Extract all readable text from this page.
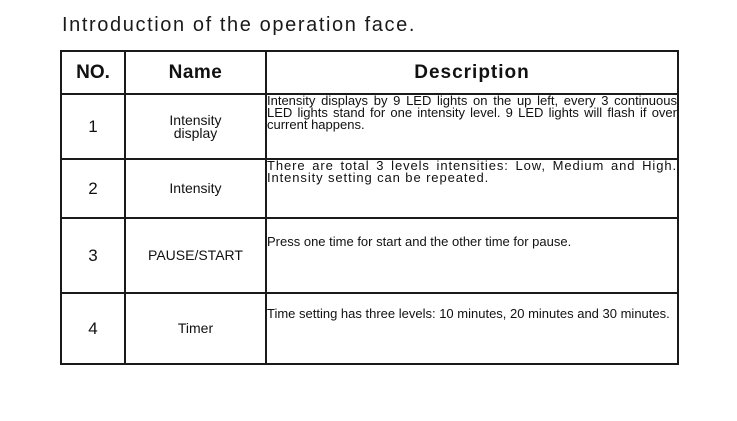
Introduction of the operation face.
NO.	Name	Description
1	Intensity display	Intensity displays by 9 LED lights on the up left, every 3 continuous LED lights stand for one intensity level. 9 LED lights will flash if over current happens.
2	Intensity	There are total 3 levels intensities: Low, Medium and High. Intensity setting can be repeated.
3	PAUSE/START	Press one time for start and the other time for pause.
4	Timer	Time setting has three levels: 10 minutes, 20 minutes and 30 minutes.
